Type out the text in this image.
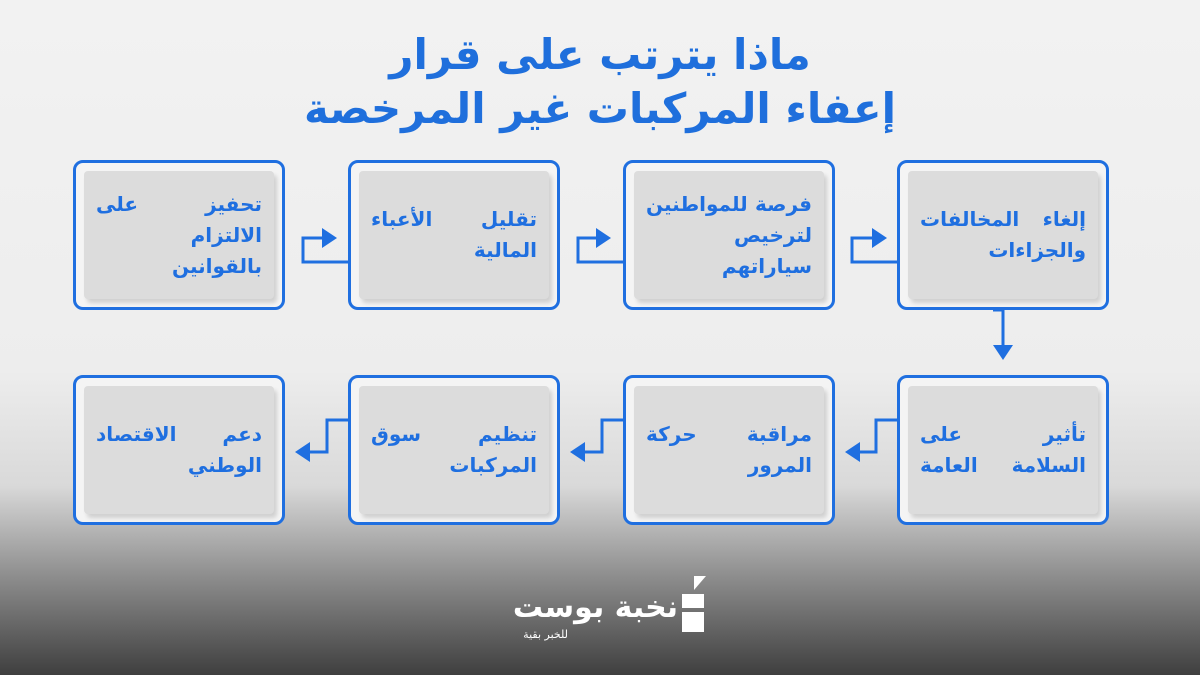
ماذا يترتب على قرار
إعفاء المركبات غير المرخصة
إلغاء المخالفات
والجزاءات
فرصة للمواطنين
لترخيص سياراتهم
تقليل الأعباء
المالية
تحفيز على
الالتزام بالقوانين
تأثير على
السلامة العامة
مراقبة حركة
المرور
تنظيم سوق
المركبات
دعم الاقتصاد
الوطني
نخبة بوست
للخبر بقية
